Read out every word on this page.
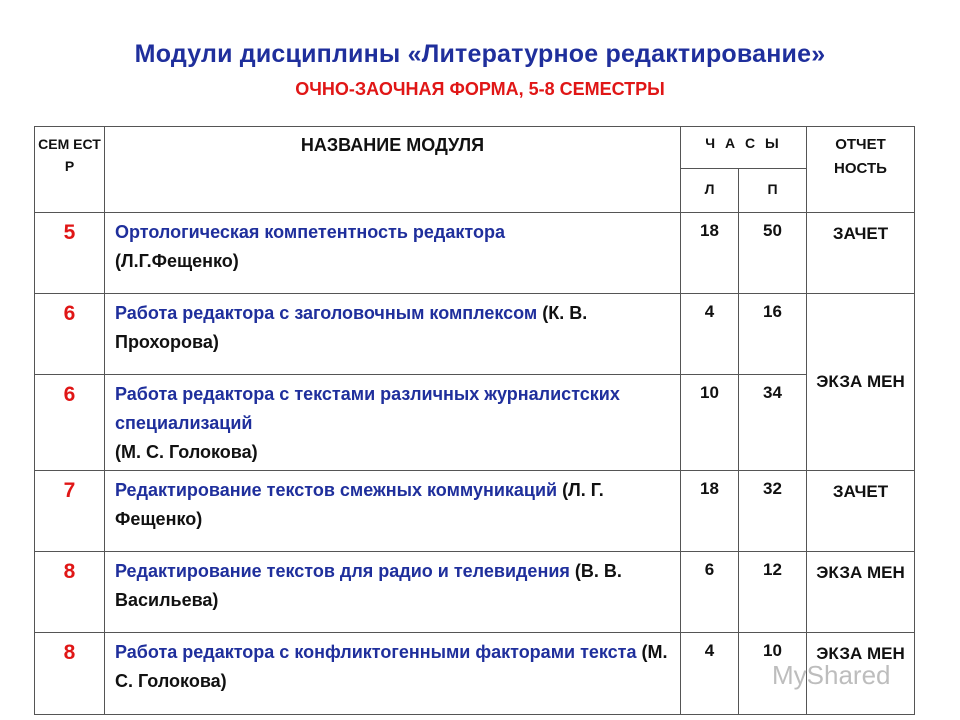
Модули дисциплины «Литературное редактирование»
ОЧНО-ЗАОЧНАЯ ФОРМА, 5-8 СЕМЕСТРЫ
СЕМ ЕСТ Р	НАЗВАНИЕ МОДУЛЯ	Ч А С Ы		ОТЧЕТ НОСТЬ
		Л	П	
5	Ортологическая компетентность редактора
(Л.Г.Фещенко)	18	50	ЗАЧЕТ
6	Работа редактора с заголовочным комплексом (К. В. Прохорова)	4	16	ЭКЗА МЕН
6	Работа редактора с текстами различных журналистских специализаций
(М. С. Голокова)	10	34	
7	Редактирование текстов смежных коммуникаций (Л. Г. Фещенко)	18	32	ЗАЧЕТ
8	Редактирование текстов для радио и телевидения (В. В. Васильева)	6	12	ЭКЗА МЕН
8	Работа редактора с конфликтогенными факторами текста (М. С. Голокова)	4	10	ЭКЗА МЕН
MyShared
